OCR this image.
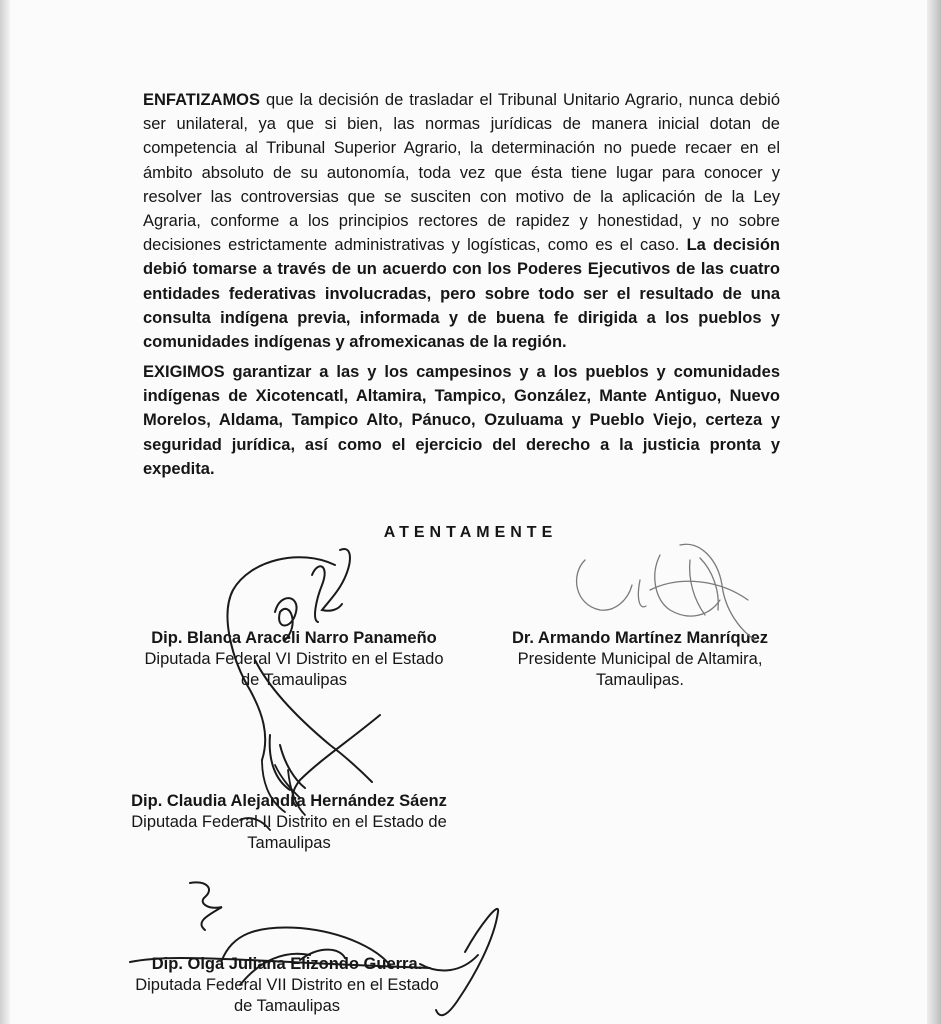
ENFATIZAMOS que la decisión de trasladar el Tribunal Unitario Agrario, nunca debió ser unilateral, ya que si bien, las normas jurídicas de manera inicial dotan de competencia al Tribunal Superior Agrario, la determinación no puede recaer en el ámbito absoluto de su autonomía, toda vez que ésta tiene lugar para conocer y resolver las controversias que se susciten con motivo de la aplicación de la Ley Agraria, conforme a los principios rectores de rapidez y honestidad, y no sobre decisiones estrictamente administrativas y logísticas, como es el caso. La decisión debió tomarse a través de un acuerdo con los Poderes Ejecutivos de las cuatro entidades federativas involucradas, pero sobre todo ser el resultado de una consulta indígena previa, informada y de buena fe dirigida a los pueblos y comunidades indígenas y afromexicanas de la región.

EXIGIMOS garantizar a las y los campesinos y a los pueblos y comunidades indígenas de Xicotencatl, Altamira, Tampico, González, Mante Antiguo, Nuevo Morelos, Aldama, Tampico Alto, Pánuco, Ozuluama y Pueblo Viejo, certeza y seguridad jurídica, así como el ejercicio del derecho a la justicia pronta y expedita.

ATENTAMENTE
Dip. Blanca Araceli Narro Panameño
Diputada Federal VI Distrito en el Estado
de Tamaulipas
Dr. Armando Martínez Manríquez
Presidente Municipal de Altamira,
Tamaulipas.
Dip. Claudia Alejandra Hernández Sáenz
Diputada Federal II Distrito en el Estado de
Tamaulipas
Dip. Olga Juliana Elizondo Guerra.
Diputada Federal VII Distrito en el Estado
de Tamaulipas
